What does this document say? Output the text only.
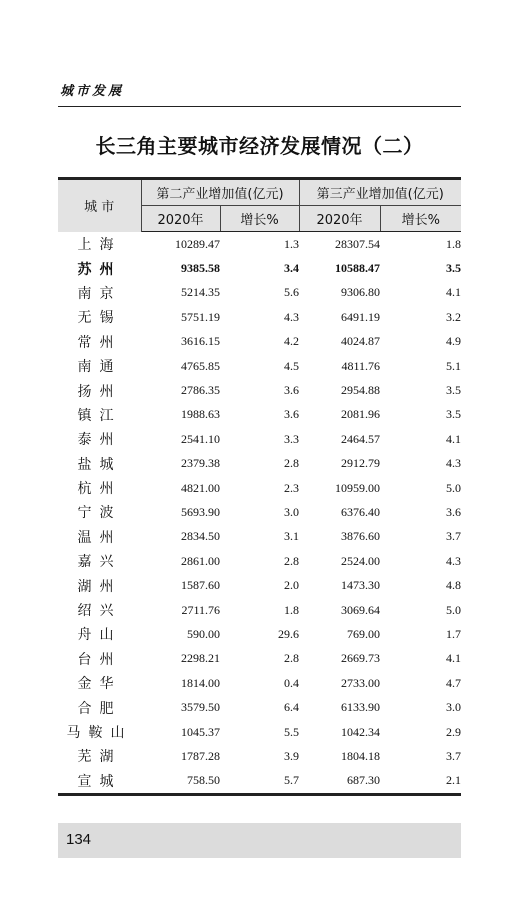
城市发展
长三角主要城市经济发展情况（二）
城 市	第二产业增加值(亿元)		第三产业增加值(亿元)	
	2020年	增长%	2020年	增长%
上海	10289.47	1.3	28307.54	1.8
苏州	9385.58	3.4	10588.47	3.5
南京	5214.35	5.6	9306.80	4.1
无锡	5751.19	4.3	6491.19	3.2
常州	3616.15	4.2	4024.87	4.9
南通	4765.85	4.5	4811.76	5.1
扬州	2786.35	3.6	2954.88	3.5
镇江	1988.63	3.6	2081.96	3.5
泰州	2541.10	3.3	2464.57	4.1
盐城	2379.38	2.8	2912.79	4.3
杭州	4821.00	2.3	10959.00	5.0
宁波	5693.90	3.0	6376.40	3.6
温州	2834.50	3.1	3876.60	3.7
嘉兴	2861.00	2.8	2524.00	4.3
湖州	1587.60	2.0	1473.30	4.8
绍兴	2711.76	1.8	3069.64	5.0
舟山	590.00	29.6	769.00	1.7
台州	2298.21	2.8	2669.73	4.1
金华	1814.00	0.4	2733.00	4.7
合肥	3579.50	6.4	6133.90	3.0
马鞍山	1045.37	5.5	1042.34	2.9
芜湖	1787.28	3.9	1804.18	3.7
宣城	758.50	5.7	687.30	2.1
134
